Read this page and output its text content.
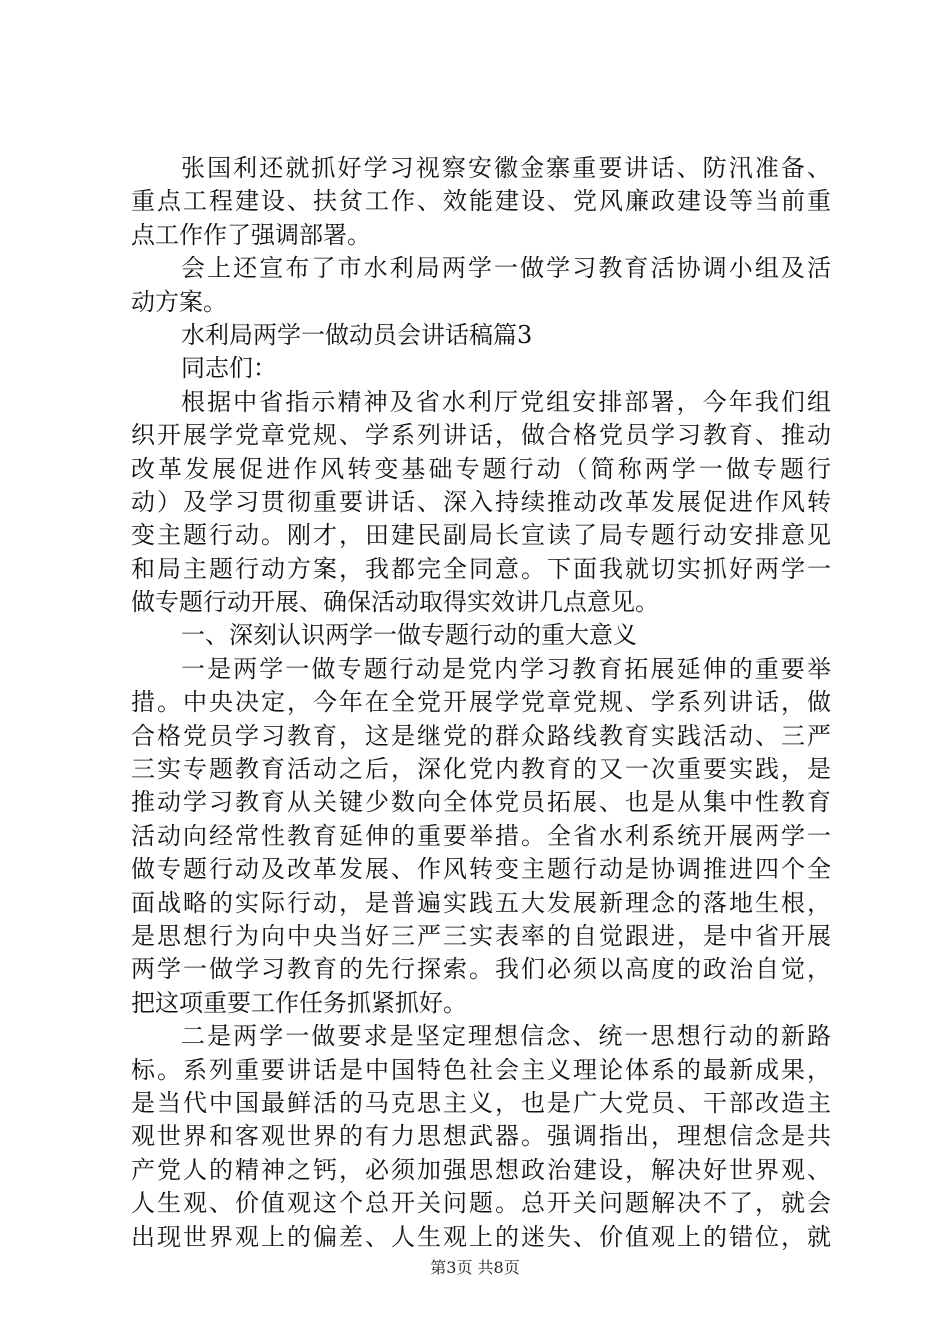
张国利还就抓好学习视察安徽金寨重要讲话、防汛准备、
重点工程建设、扶贫工作、效能建设、党风廉政建设等当前重
点工作作了强调部署。
会上还宣布了市水利局两学一做学习教育活协调小组及活
动方案。
水利局两学一做动员会讲话稿篇3
同志们：
根据中省指示精神及省水利厅党组安排部署，今年我们组
织开展学党章党规、学系列讲话，做合格党员学习教育、推动
改革发展促进作风转变基础专题行动（简称两学一做专题行
动）及学习贯彻重要讲话、深入持续推动改革发展促进作风转
变主题行动。刚才，田建民副局长宣读了局专题行动安排意见
和局主题行动方案，我都完全同意。下面我就切实抓好两学一
做专题行动开展、确保活动取得实效讲几点意见。
一、深刻认识两学一做专题行动的重大意义
一是两学一做专题行动是党内学习教育拓展延伸的重要举
措。中央决定，今年在全党开展学党章党规、学系列讲话，做
合格党员学习教育，这是继党的群众路线教育实践活动、三严
三实专题教育活动之后，深化党内教育的又一次重要实践，是
推动学习教育从关键少数向全体党员拓展、也是从集中性教育
活动向经常性教育延伸的重要举措。全省水利系统开展两学一
做专题行动及改革发展、作风转变主题行动是协调推进四个全
面战略的实际行动，是普遍实践五大发展新理念的落地生根，
是思想行为向中央当好三严三实表率的自觉跟进，是中省开展
两学一做学习教育的先行探索。我们必须以高度的政治自觉，
把这项重要工作任务抓紧抓好。
二是两学一做要求是坚定理想信念、统一思想行动的新路
标。系列重要讲话是中国特色社会主义理论体系的最新成果，
是当代中国最鲜活的马克思主义，也是广大党员、干部改造主
观世界和客观世界的有力思想武器。强调指出，理想信念是共
产党人的精神之钙，必须加强思想政治建设，解决好世界观、
人生观、价值观这个总开关问题。总开关问题解决不了，就会
出现世界观上的偏差、人生观上的迷失、价值观上的错位，就
第3页 共8页
